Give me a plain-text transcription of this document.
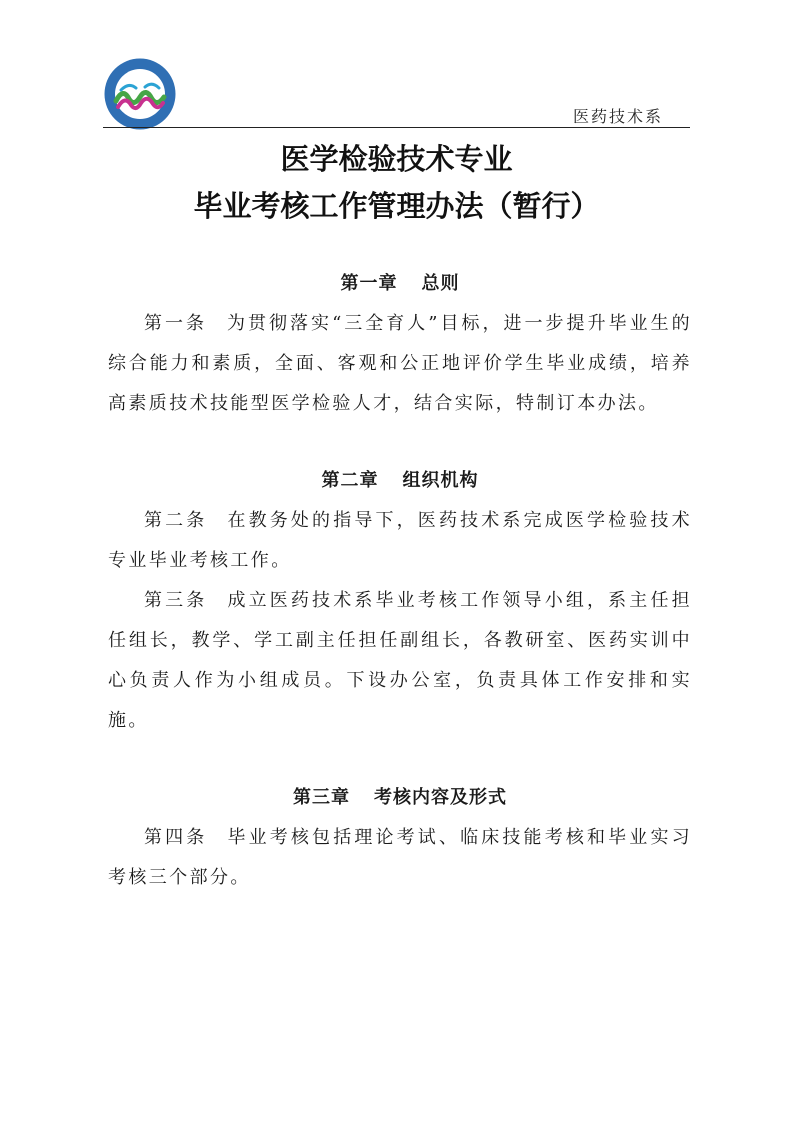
医药技术系
医学检验技术专业
毕业考核工作管理办法（暂行）
第一章 总则

第一条 为贯彻落实“三全育人”目标，进一步提升毕业生的综合能力和素质，全面、客观和公正地评价学生毕业成绩，培养高素质技术技能型医学检验人才，结合实际，特制订本办法。

第二章 组织机构

第二条 在教务处的指导下，医药技术系完成医学检验技术专业毕业考核工作。

第三条 成立医药技术系毕业考核工作领导小组，系主任担任组长，教学、学工副主任担任副组长，各教研室、医药实训中心负责人作为小组成员。下设办公室，负责具体工作安排和实施。

第三章 考核内容及形式

第四条 毕业考核包括理论考试、临床技能考核和毕业实习考核三个部分。
